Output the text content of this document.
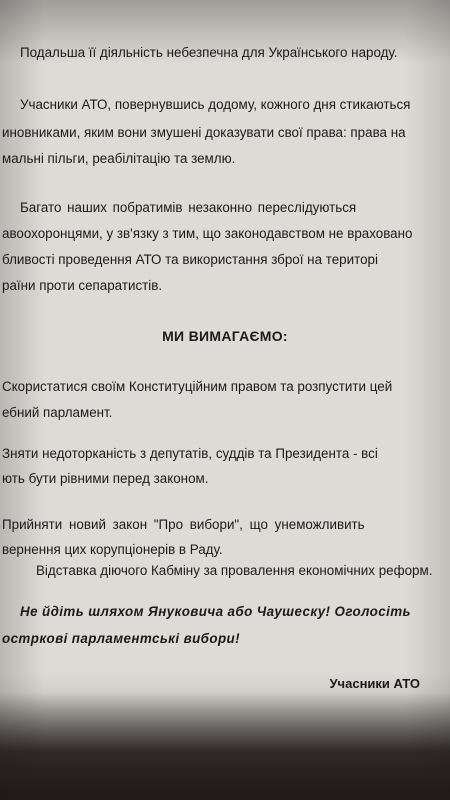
Подальша її діяльність небезпечна для Українського народу.
Учасники АТО, повернувшись додому, кожного дня стикаються
иновниками, яким вони змушені доказувати свої права: права на
мальні пільги, реабілітацію та землю.
Багато наших побратимів незаконно переслідуються
авоохоронцями, у зв'язку з тим, що законодавством не враховано
бливості проведення АТО та використання зброї на територі
раїни проти сепаратистів.
МИ ВИМАГАЄМО:
Скористатися своїм Конституційним правом та розпустити цей
ебний парламент.
Зняти недоторканість з депутатів, суддів та Президента - всі
ють бути рівними перед законом.
Прийняти новий закон "Про вибори", що унеможливить
вернення цих корупціонерів в Раду.
Відставка діючого Кабміну за провалення економічних реформ.
Не йдіть шляхом Януковича або Чаушеску! Оголосіть
остркові парламентські вибори!
Учасники АТО
